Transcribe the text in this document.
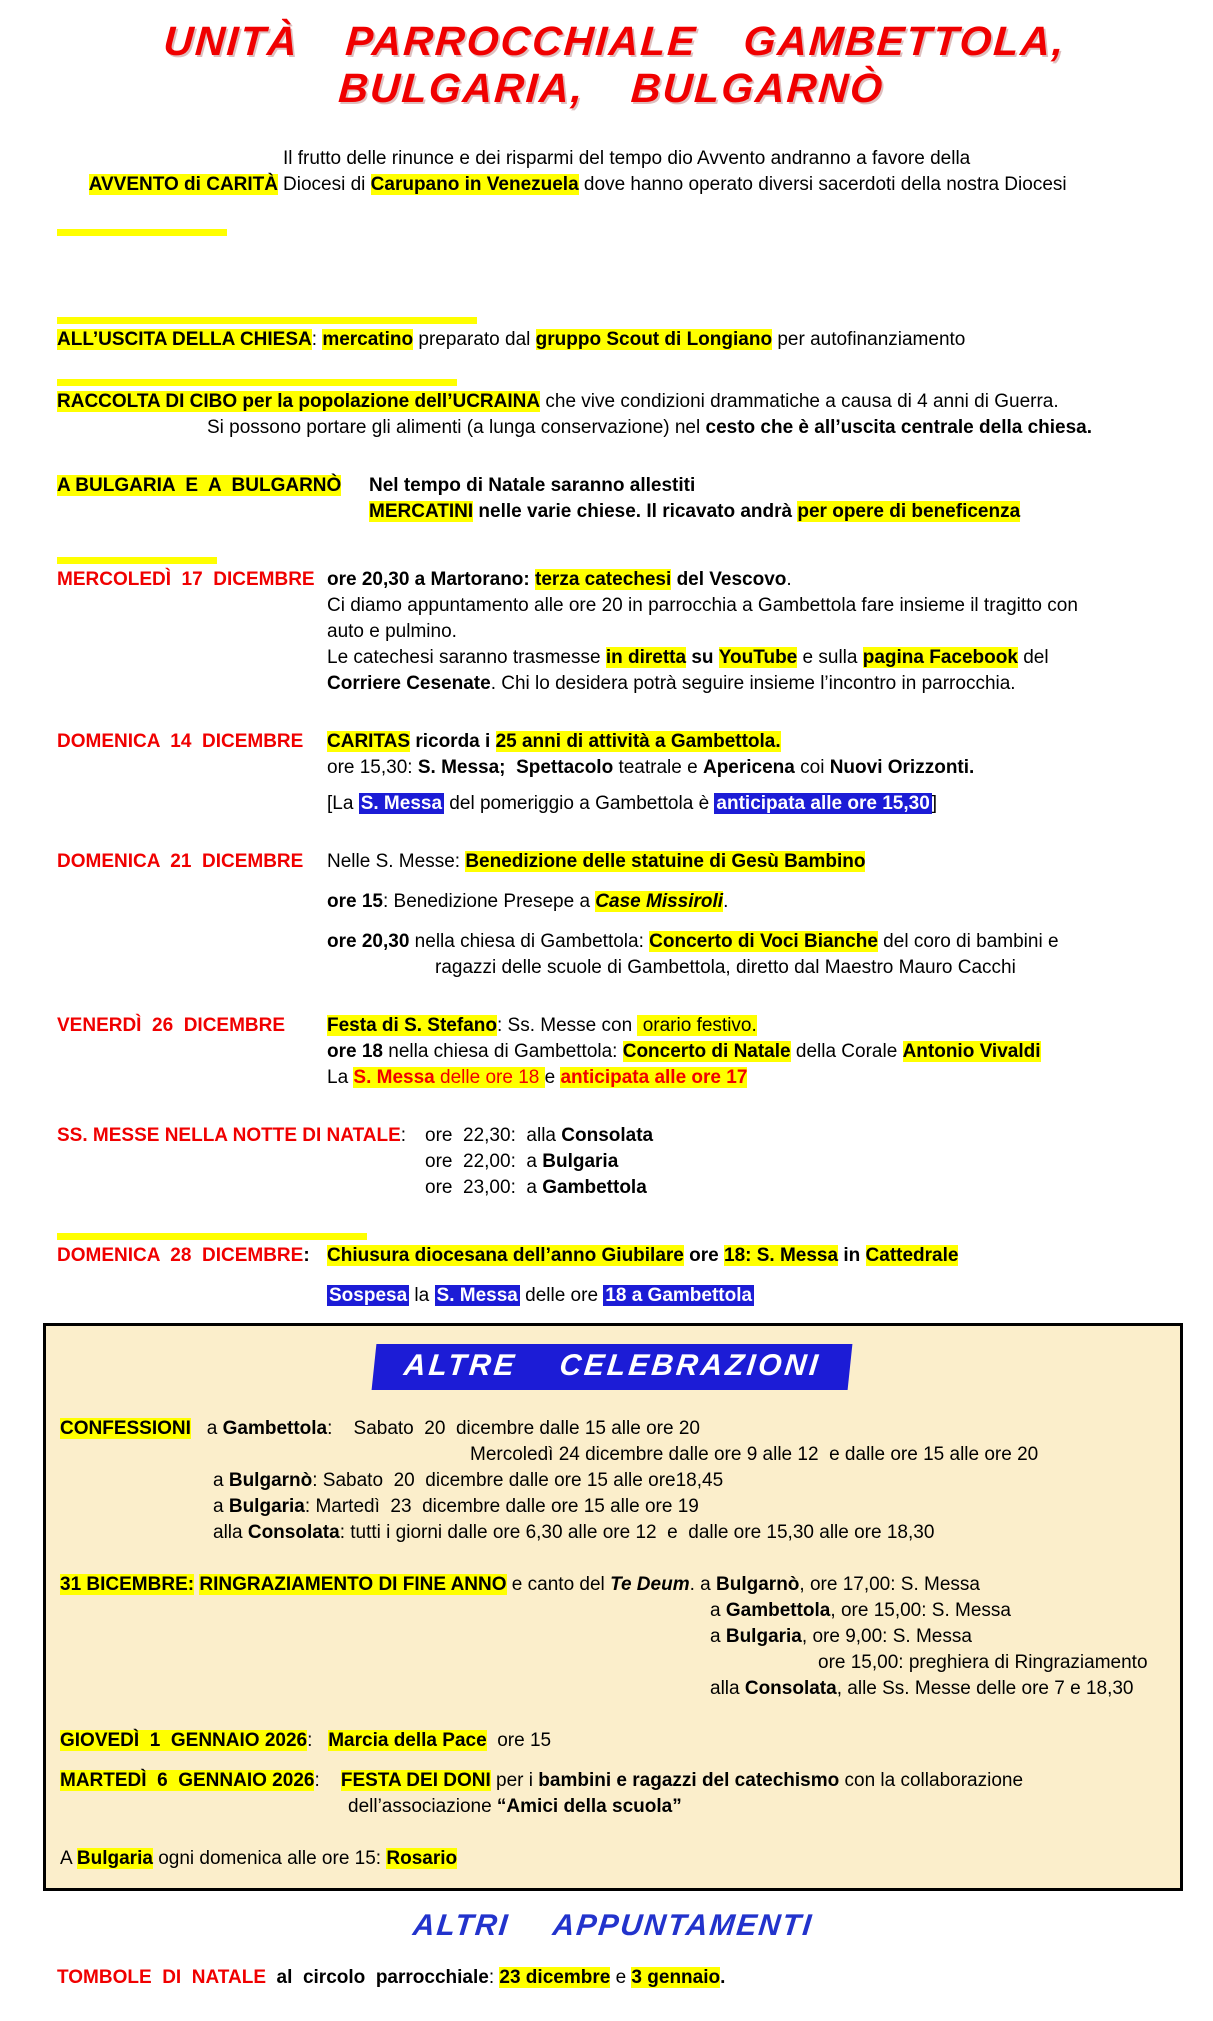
UNITÀ  PARROCCHIALE  GAMBETTOLA,  BULGARIA,  BULGARNÒ

AVVENTO di CARITÀ

Il frutto delle rinunce e dei risparmi del tempo dio Avvento andranno a favore della
Diocesi di Carupano in Venezuela dove hanno operato diversi sacerdoti della nostra Diocesi
ALL’USCITA DELLA CHIESA: mercatino preparato dal gruppo Scout di Longiano per autofinanziamento
RACCOLTA DI CIBO per la popolazione dell’UCRAINA che vive condizioni drammatiche a causa di 4 anni di Guerra.
Si possono portare gli alimenti (a lunga conservazione) nel cesto che è all’uscita centrale della chiesa.
A BULGARIA  E  A  BULGARNÒ	Nel tempo di Natale saranno allestiti
MERCATINI nelle varie chiese. Il ricavato andrà per opere di beneficenza
MERCOLEDÌ  17  DICEMBRE ore 20,30 a Martorano: terza catechesi del Vescovo.
Ci diamo appuntamento alle ore 20 in parrocchia a Gambettola fare insieme il tragitto con
auto e pulmino.
Le catechesi saranno trasmesse in diretta su YouTube e sulla pagina Facebook del
Corriere Cesenate. Chi lo desidera potrà seguire insieme l’incontro in parrocchia.
DOMENICA  14  DICEMBRE	CARITAS ricorda i 25 anni di attività a Gambettola.
ore 15,30: S. Messa; Spettacolo teatrale e Apericena coi Nuovi Orizzonti.
[La S. Messa del pomeriggio a Gambettola è anticipata alle ore 15,30 ]
DOMENICA  21  DICEMBRE	Nelle S. Messe: Benedizione delle statuine di Gesù Bambino
ore 15: Benedizione Presepe a Case Missiroli.
ore 20,30 nella chiesa di Gambettola: Concerto di Voci Bianche del coro di bambini e
ragazzi delle scuole di Gambettola, diretto dal Maestro Mauro Cacchi
VENERDÌ  26  DICEMBRE	Festa di S. Stefano: Ss. Messe con  orario festivo.
ore 18 nella chiesa di Gambettola: Concerto di Natale della Corale Antonio Vivaldi
La S. Messa delle ore 18 e anticipata alle ore 17
SS. MESSE NELLA NOTTE DI NATALE: ore  22,30:  alla Consolata
ore  22,00:  a Bulgaria
ore  23,00:  a Gambettola
DOMENICA  28  DICEMBRE: Chiusura diocesana dell’anno Giubilare ore 18: S. Messa in Cattedrale
Sospesa la S. Messa delle ore 18 a Gambettola
ALTRE  CELEBRAZIONI
CONFESSIONI   a Gambettola:    Sabato  20  dicembre dalle 15 alle ore 20
Mercoledì 24 dicembre dalle ore 9 alle 12  e dalle ore 15 alle ore 20
a Bulgarnò: Sabato  20  dicembre dalle ore 15 alle ore18,45
a Bulgaria: Martedì  23  dicembre dalle ore 15 alle ore 19
alla Consolata: tutti i giorni dalle ore 6,30 alle ore 12  e  dalle ore 15,30 alle ore 18,30
31 BICEMBRE: RINGRAZIAMENTO DI FINE ANNO e canto del Te Deum. a Bulgarnò, ore 17,00: S. Messa
a Gambettola, ore 15,00: S. Messa
a Bulgaria, ore 9,00: S. Messa
ore 15,00: preghiera di Ringraziamento
alla Consolata, alle Ss. Messe delle ore 7 e 18,30
GIOVEDÌ  1  GENNAIO 2026:   Marcia della Pace  ore 15
MARTEDÌ  6  GENNAIO 2026:    FESTA DEI DONI per i bambini e ragazzi del catechismo con la collaborazione
dell’associazione “Amici della scuola”
A Bulgaria ogni domenica alle ore 15: Rosario
ALTRI  APPUNTAMENTI
TOMBOLE  DI  NATALE  al  circolo  parrocchiale: 23 dicembre e 3 gennaio.
